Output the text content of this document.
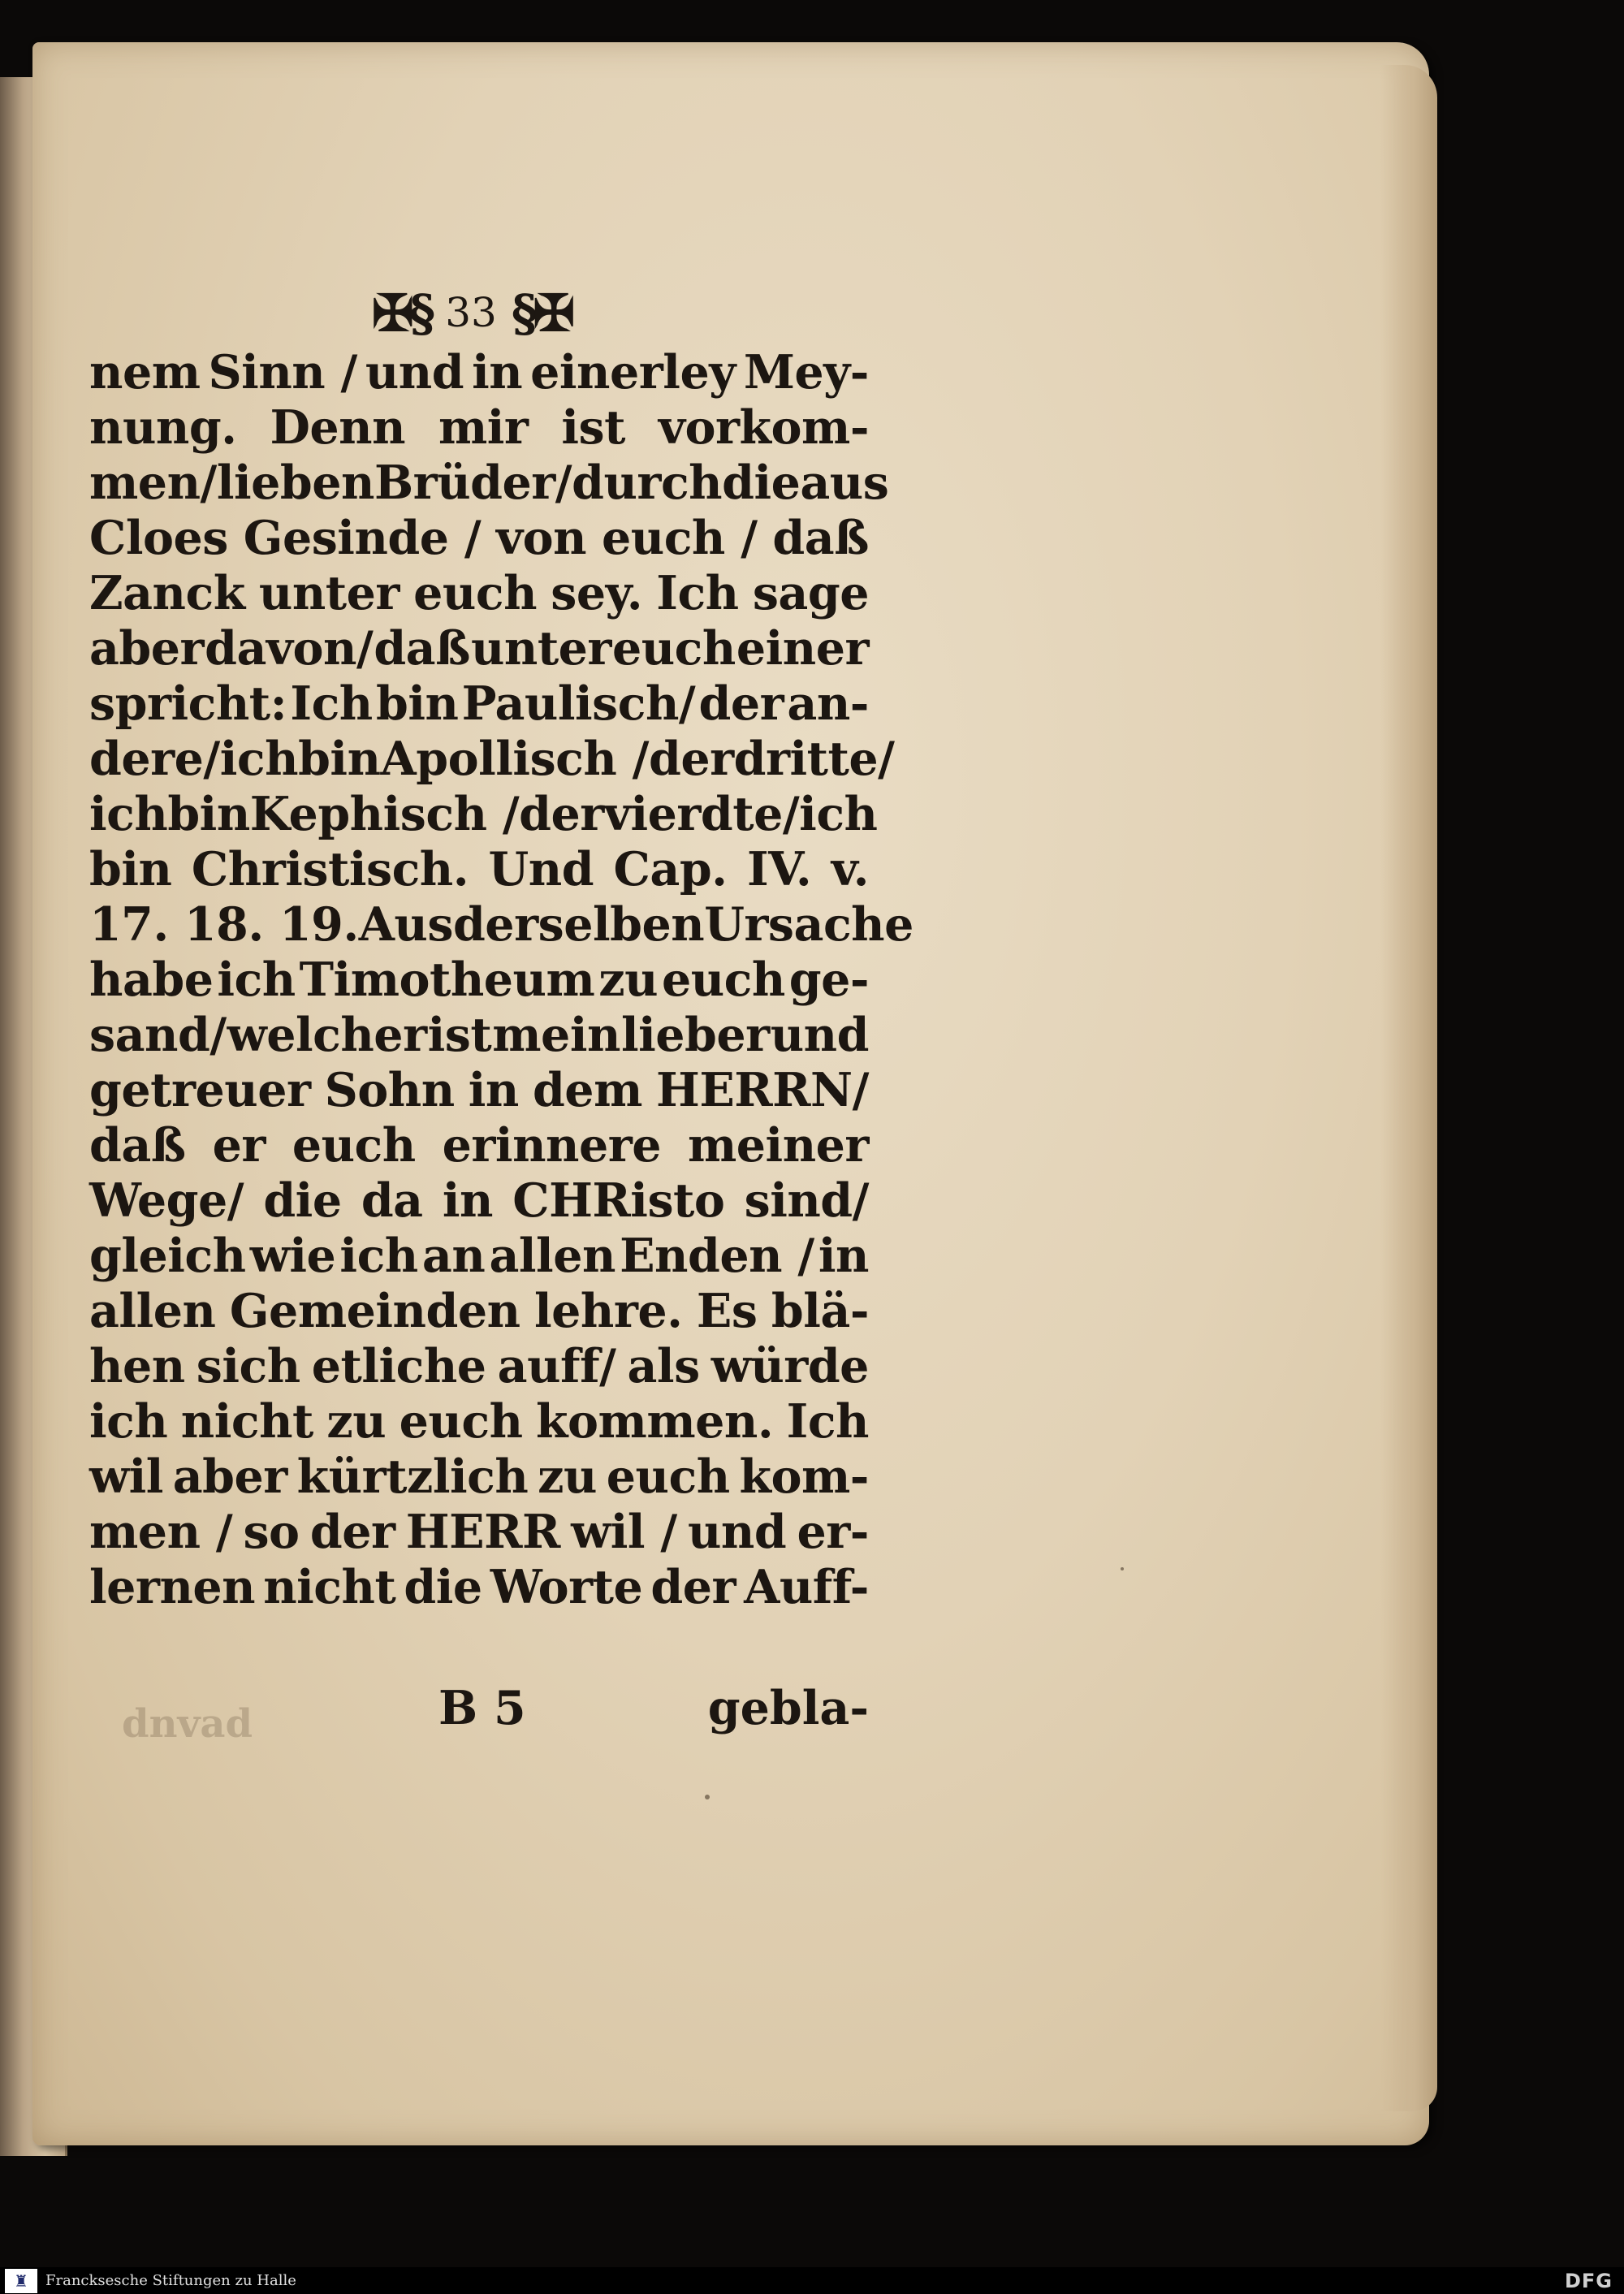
✠§ 33 §✠
nem Sinn / und in einerley Mey-
nung. Denn mir ist vorkom-
men/ lieben Brüder/ durch die aus
Cloes Gesinde / von euch / daß
Zanck unter euch sey. Ich sage
aber davon/ daß unter euch einer
spricht: Ich bin Paulisch/ der an-
dere/ ich bin Apollisch / der dritte/
ich bin Kephisch / der vierdte/ich
bin Christisch. Und Cap. IV. v.
17. 18. 19. Aus derselben Ursache
habe ich Timotheum zu euch ge-
sand/ welcher ist mein lieber und
getreuer Sohn in dem HERRN/
daß er euch erinnere meiner
Wege/ die da in CHRisto sind/
gleich wie ich an allen Enden / in
allen Gemeinden lehre. Es blä-
hen sich etliche auff/ als würde
ich nicht zu euch kommen. Ich
wil aber kürtzlich zu euch kom-
men / so der HERR wil / und er-
lernen nicht die Worte der Auff-
dnvad	B 5	gebla-
♜	Francksesche Stiftungen zu Halle	DFG
